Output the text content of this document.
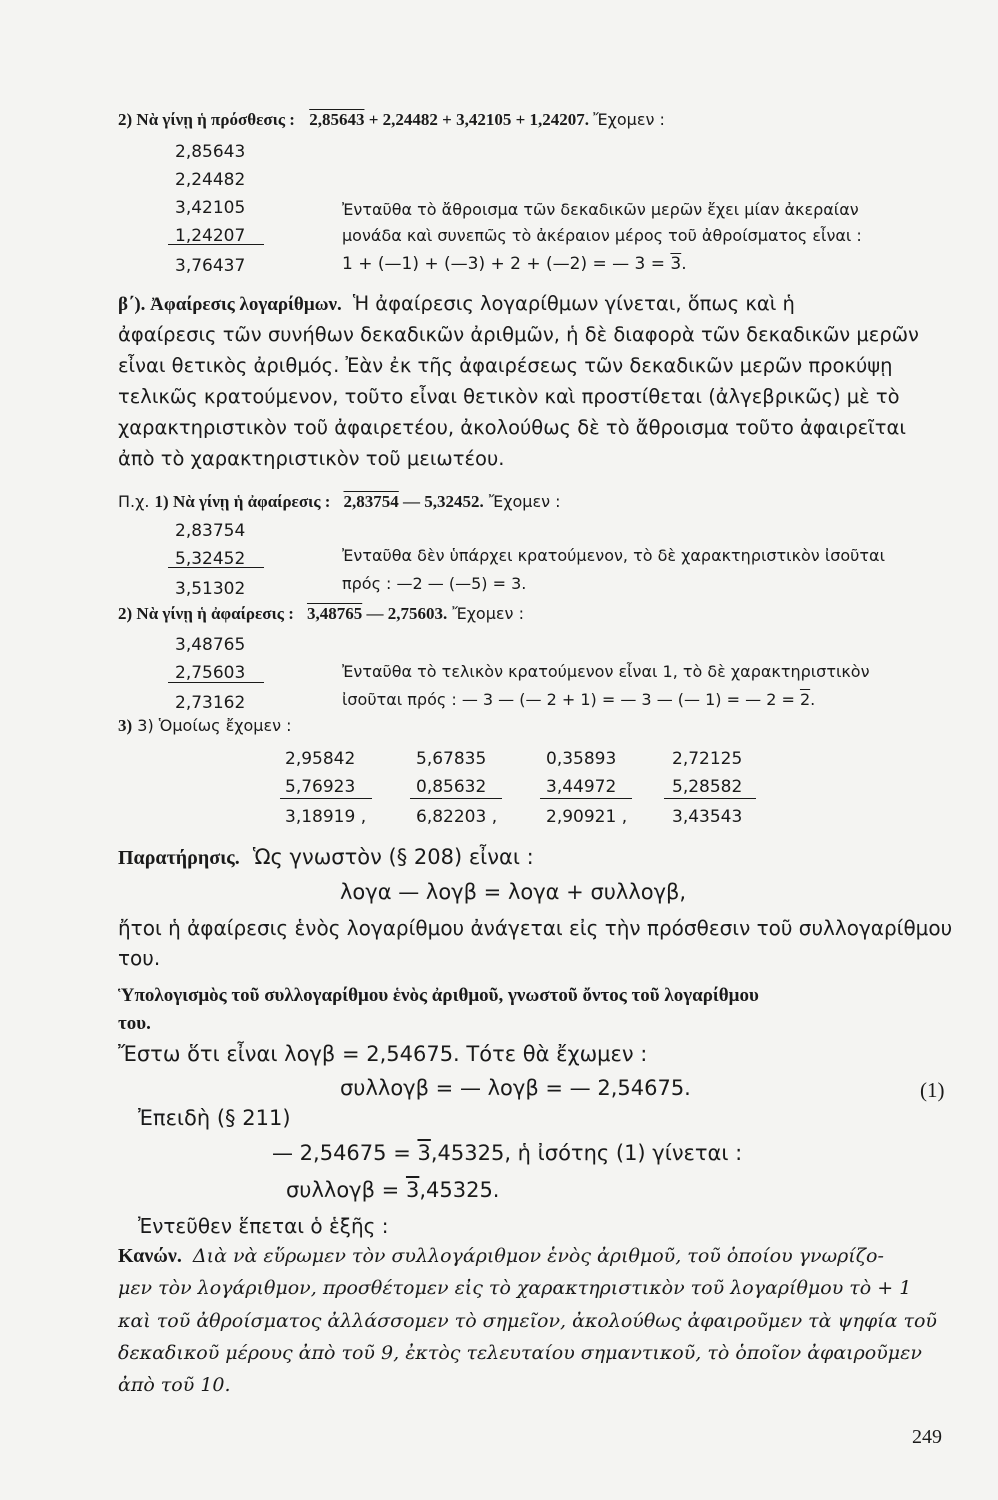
2) Νὰ γίνῃ ἡ πρόσθεσις : 2,85643 + 2,24482 + 3,42105 + 1,24207. Ἔχομεν :
2,85643
2,24482
3,42105
1,24207
3,76437
Ἐνταῦθα τὸ ἄθροισμα τῶν δεκαδικῶν μερῶν ἔχει μίαν ἀκεραίαν
μονάδα καὶ συνεπῶς τὸ ἀκέραιον μέρος τοῦ ἀθροίσματος εἶναι :
1 + (—1) + (—3) + 2 + (—2) = — 3 = 3.
β΄). Ἀφαίρεσις λογαρίθμων. Ἡ ἀφαίρεσις λογαρίθμων γίνεται, ὅπως καὶ ἡ
ἀφαίρεσις τῶν συνήθων δεκαδικῶν ἀριθμῶν, ἡ δὲ διαφορὰ τῶν δεκαδικῶν μερῶν
εἶναι θετικὸς ἀριθμός. Ἐὰν ἐκ τῆς ἀφαιρέσεως τῶν δεκαδικῶν μερῶν προκύψῃ
τελικῶς κρατούμενον, τοῦτο εἶναι θετικὸν καὶ προστίθεται (ἀλγεβρικῶς) μὲ τὸ
χαρακτηριστικὸν τοῦ ἀφαιρετέου, ἀκολούθως δὲ τὸ ἄθροισμα τοῦτο ἀφαιρεῖται
ἀπὸ τὸ χαρακτηριστικὸν τοῦ μειωτέου.
Π.χ. 1) Νὰ γίνῃ ἡ ἀφαίρεσις : 2,83754 — 5,32452. Ἔχομεν :
2,83754
5,32452
3,51302
Ἐνταῦθα δὲν ὑπάρχει κρατούμενον, τὸ δὲ χαρακτηριστικὸν ἰσοῦται
πρός : —2 — (—5) = 3.
2) Νὰ γίνῃ ἡ ἀφαίρεσις : 3,48765 — 2,75603. Ἔχομεν :
3,48765
2,75603
2,73162
Ἐνταῦθα τὸ τελικὸν κρατούμενον εἶναι 1, τὸ δὲ χαρακτηριστικὸν
ἰσοῦται πρός : — 3 — (— 2 + 1) = — 3 — (— 1) = — 2 = 2.
3) 3) Ὁμοίως ἔχομεν :
2,95842
5,76923
3,18919 ,
5,67835
0,85632
6,82203 ,
0,35893
3,44972
2,90921 ,
2,72125
5,28582
3,43543
Παρατήρησις. Ὡς γνωστὸν (§ 208) εἶναι :
λογα — λογβ = λογα + συλλογβ,
ἤτοι ἡ ἀφαίρεσις ἑνὸς λογαρίθμου ἀνάγεται εἰς τὴν πρόσθεσιν τοῦ συλλογαρίθμου
του.
Ὑπολογισμὸς τοῦ συλλογαρίθμου ἑνὸς ἀριθμοῦ, γνωστοῦ ὄντος τοῦ λογαρίθμου
του.
Ἔστω ὅτι εἶναι λογβ = 2,54675. Τότε θὰ ἔχωμεν :
συλλογβ = — λογβ = — 2,54675.	(1)
Ἐπειδὴ (§ 211)
— 2,54675 = 3,45325, ἡ ἰσότης (1) γίνεται :
συλλογβ = 3,45325.
Ἐντεῦθεν ἕπεται ὁ ἑξῆς :
Κανών. Διὰ νὰ εὕρωμεν τὸν συλλογάριθμον ἑνὸς ἀριθμοῦ, τοῦ ὁποίου γνωρίζο-
μεν τὸν λογάριθμον, προσθέτομεν εἰς τὸ χαρακτηριστικὸν τοῦ λογαρίθμου τὸ + 1
καὶ τοῦ ἀθροίσματος ἀλλάσσομεν τὸ σημεῖον, ἀκολούθως ἀφαιροῦμεν τὰ ψηφία τοῦ
δεκαδικοῦ μέρους ἀπὸ τοῦ 9, ἐκτὸς τελευταίου σημαντικοῦ, τὸ ὁποῖον ἀφαιροῦμεν
ἀπὸ τοῦ 10.
249
